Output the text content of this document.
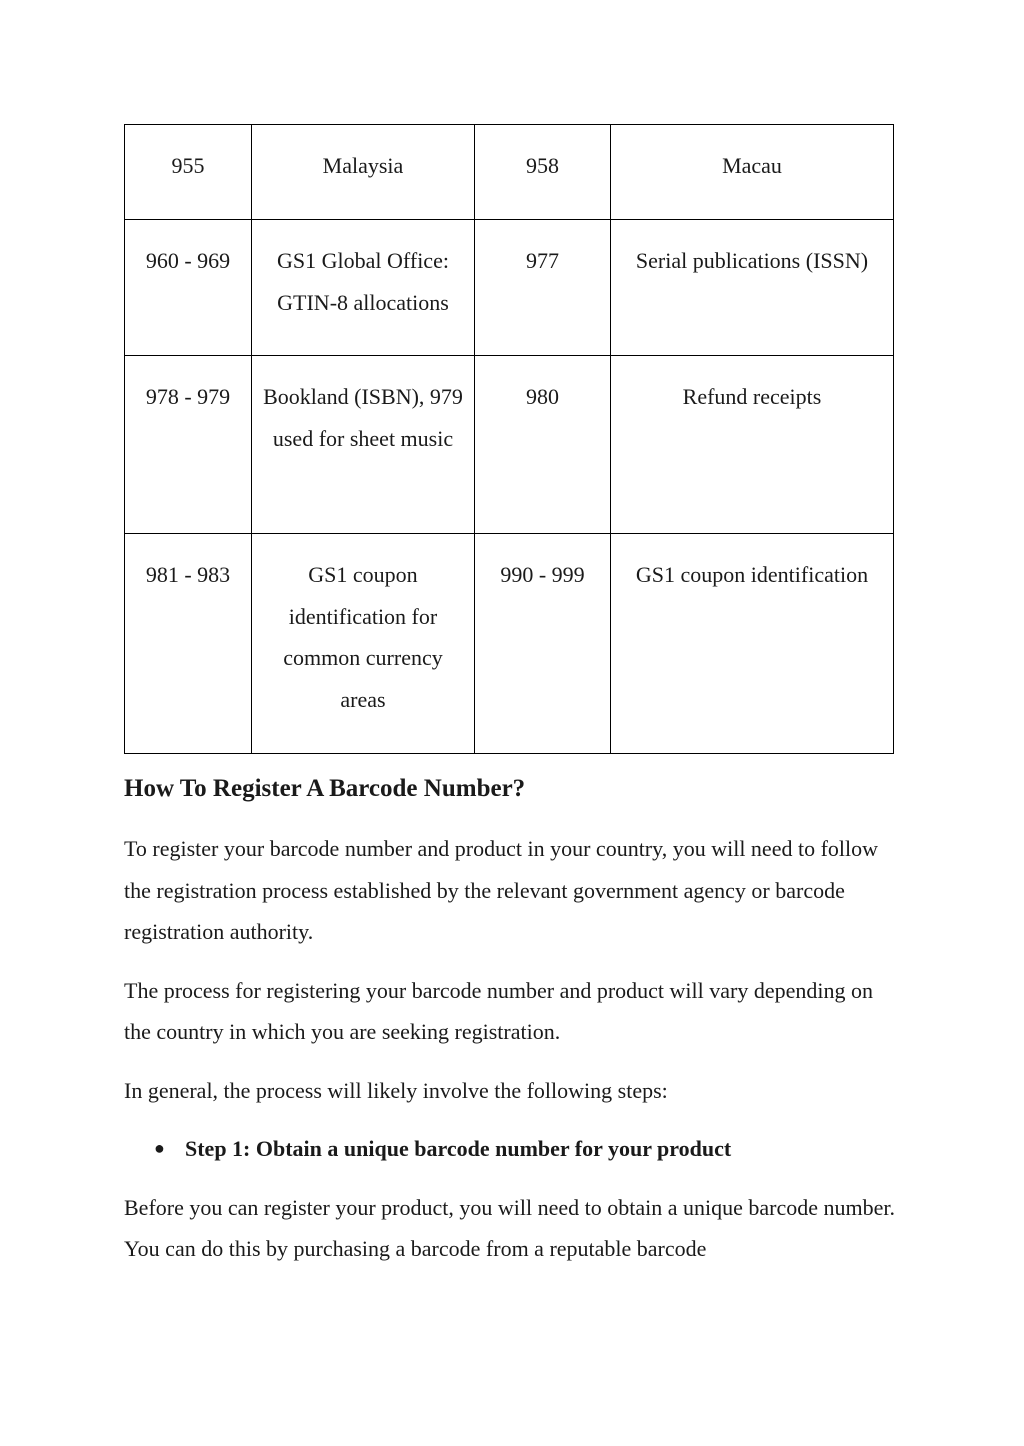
955	Malaysia	958	Macau
960 - 969	GS1 Global Office: GTIN-8 allocations	977	Serial publications (ISSN)
978 - 979	Bookland (ISBN), 979 used for sheet music	980	Refund receipts
981 - 983	GS1 coupon identification for common currency areas	990 - 999	GS1 coupon identification
How To Register A Barcode Number?

To register your barcode number and product in your country, you will need to follow the registration process established by the relevant government agency or barcode registration authority.

The process for registering your barcode number and product will vary depending on the country in which you are seeking registration.

In general, the process will likely involve the following steps:

● Step 1: Obtain a unique barcode number for your product

Before you can register your product, you will need to obtain a unique barcode number. You can do this by purchasing a barcode from a reputable barcode
